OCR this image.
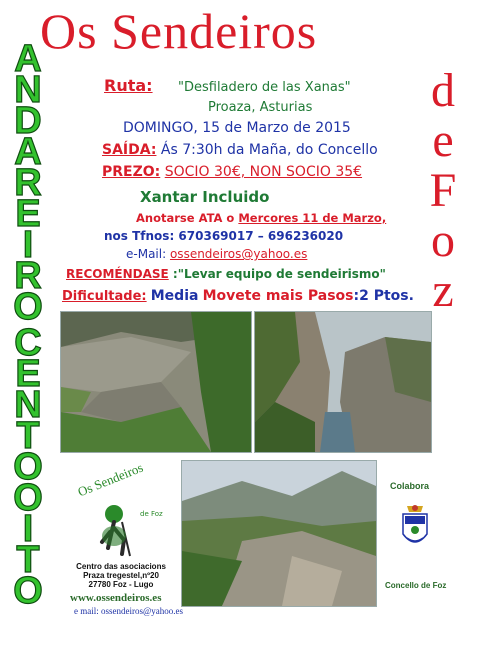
Os Sendeiros
d
e
F
o
z
A
N
D
A
R
E
I
R
O
C
E
N
T
O
O
I
T
O
Ruta: "Desfiladero de las Xanas"
Proaza, Asturias
DOMINGO, 15 de Marzo de 2015
SAÍDA: Ás 7:30h da Maña, do Concello
PREZO: SOCIO 30€, NON SOCIO 35€
Xantar Incluido
Anotarse ATA o Mercores 11 de Marzo,
nos Tfnos: 670369017 – 696236020
e-Mail: ossendeiros@yahoo.es
RECOMÉNDASE :"Levar equipo de sendeirismo"
Dificultade: Media Movete mais Pasos:2 Ptos.
Os Sendeiros
de Foz
Centro das asociacions
Praza tregestel,nº20
27780 Foz - Lugo
www.ossendeiros.es
e mail: ossendeiros@yahoo.es
Colabora
Concello de Foz
